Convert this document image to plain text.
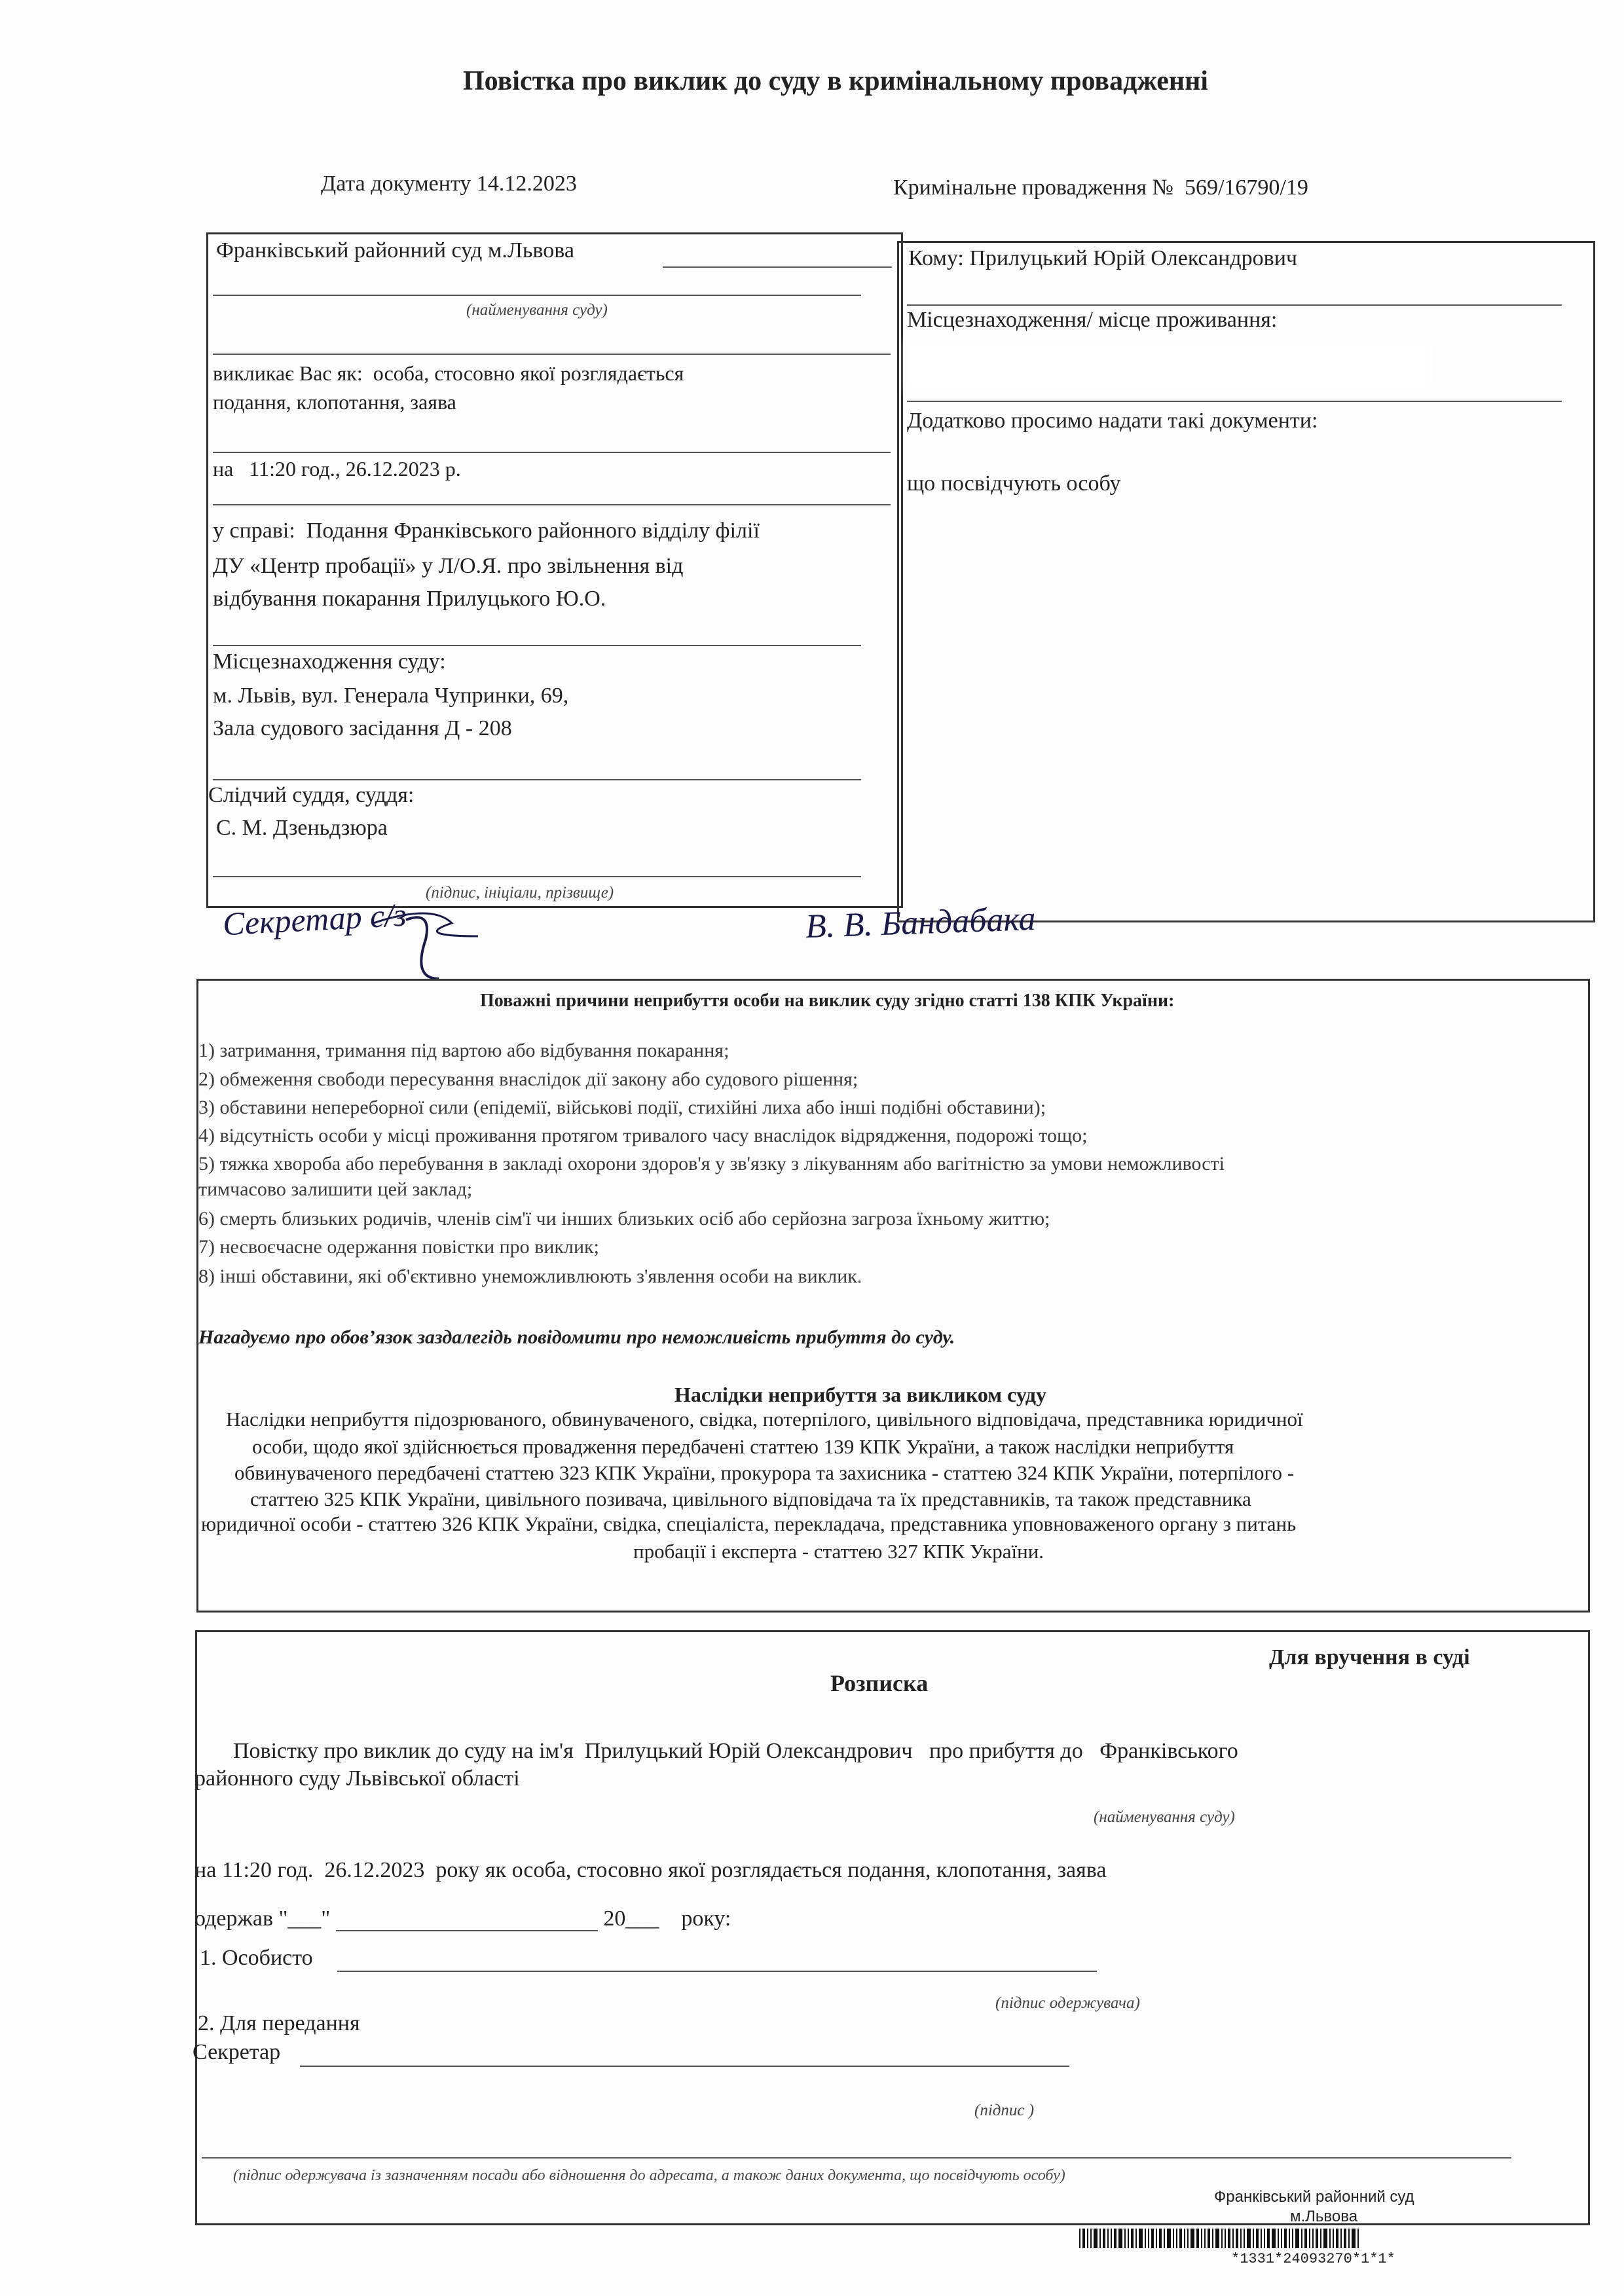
Повістка про виклик до суду в кримінальному провадженні
Дата документу 14.12.2023	Кримінальне провадження № 569/16790/19
Франківський районний суд м.Львова
(найменування суду)
викликає Вас як: особа, стосовно якої розглядається
подання, клопотання, заява
на 11:20 год., 26.12.2023 р.
у справі: Подання Франківського районного відділу філії
ДУ «Центр пробації» у Л/О.Я. про звільнення від
відбування покарання Прилуцького Ю.О.
Місцезнаходження суду:
м. Львів, вул. Генерала Чупринки, 69,
Зала судового засідання Д - 208
Слідчий суддя, суддя:
С. М. Дзеньдзюра
(підпис, ініціали, прізвище)
Кому: Прилуцький Юрій Олександрович
Місцезнаходження/ місце проживання:
Додатково просимо надати такі документи:
що посвідчують особу
Секретар с/з	В. В. Бандабака
Поважні причини неприбуття особи на виклик суду згідно статті 138 КПК України:
1) затримання, тримання під вартою або відбування покарання;
2) обмеження свободи пересування внаслідок дії закону або судового рішення;
3) обставини непереборної сили (епідемії, військові події, стихійні лиха або інші подібні обставини);
4) відсутність особи у місці проживання протягом тривалого часу внаслідок відрядження, подорожі тощо;
5) тяжка хвороба або перебування в закладі охорони здоров'я у зв'язку з лікуванням або вагітністю за умови неможливості
тимчасово залишити цей заклад;
6) смерть близьких родичів, членів сім'ї чи інших близьких осіб або серйозна загроза їхньому життю;
7) несвоєчасне одержання повістки про виклик;
8) інші обставини, які об'єктивно унеможливлюють з'явлення особи на виклик.
Нагадуємо про обов’язок заздалегідь повідомити про неможливість прибуття до суду.
Наслідки неприбуття за викликом суду
Наслідки неприбуття підозрюваного, обвинуваченого, свідка, потерпілого, цивільного відповідача, представника юридичної
особи, щодо якої здійснюється провадження передбачені статтею 139 КПК України, а також наслідки неприбуття
обвинуваченого передбачені статтею 323 КПК України, прокурора та захисника - статтею 324 КПК України, потерпілого -
статтею 325 КПК України, цивільного позивача, цивільного відповідача та їх представників, та також представника
юридичної особи - статтею 326 КПК України, свідка, спеціаліста, перекладача, представника уповноваженого органу з питань
пробації і експерта - статтею 327 КПК України.
Для вручення в суді
Розписка
Повістку про виклик до суду на ім'я Прилуцький Юрій Олександрович про прибуття до Франківського
районного суду Львівської області
(найменування суду)
на 11:20 год. 26.12.2023 року як особа, стосовно якої розглядається подання, клопотання, заява
одержав "___"	20___ року:
1. Особисто
(підпис одержувача)
2. Для передання
Секретар
(підпис )
(підпис одержувача із зазначенням посади або відношення до адресата, а також даних документа, що посвідчують особу)
Франківський районний суд
м.Львова
*1331*24093270*1*1*
